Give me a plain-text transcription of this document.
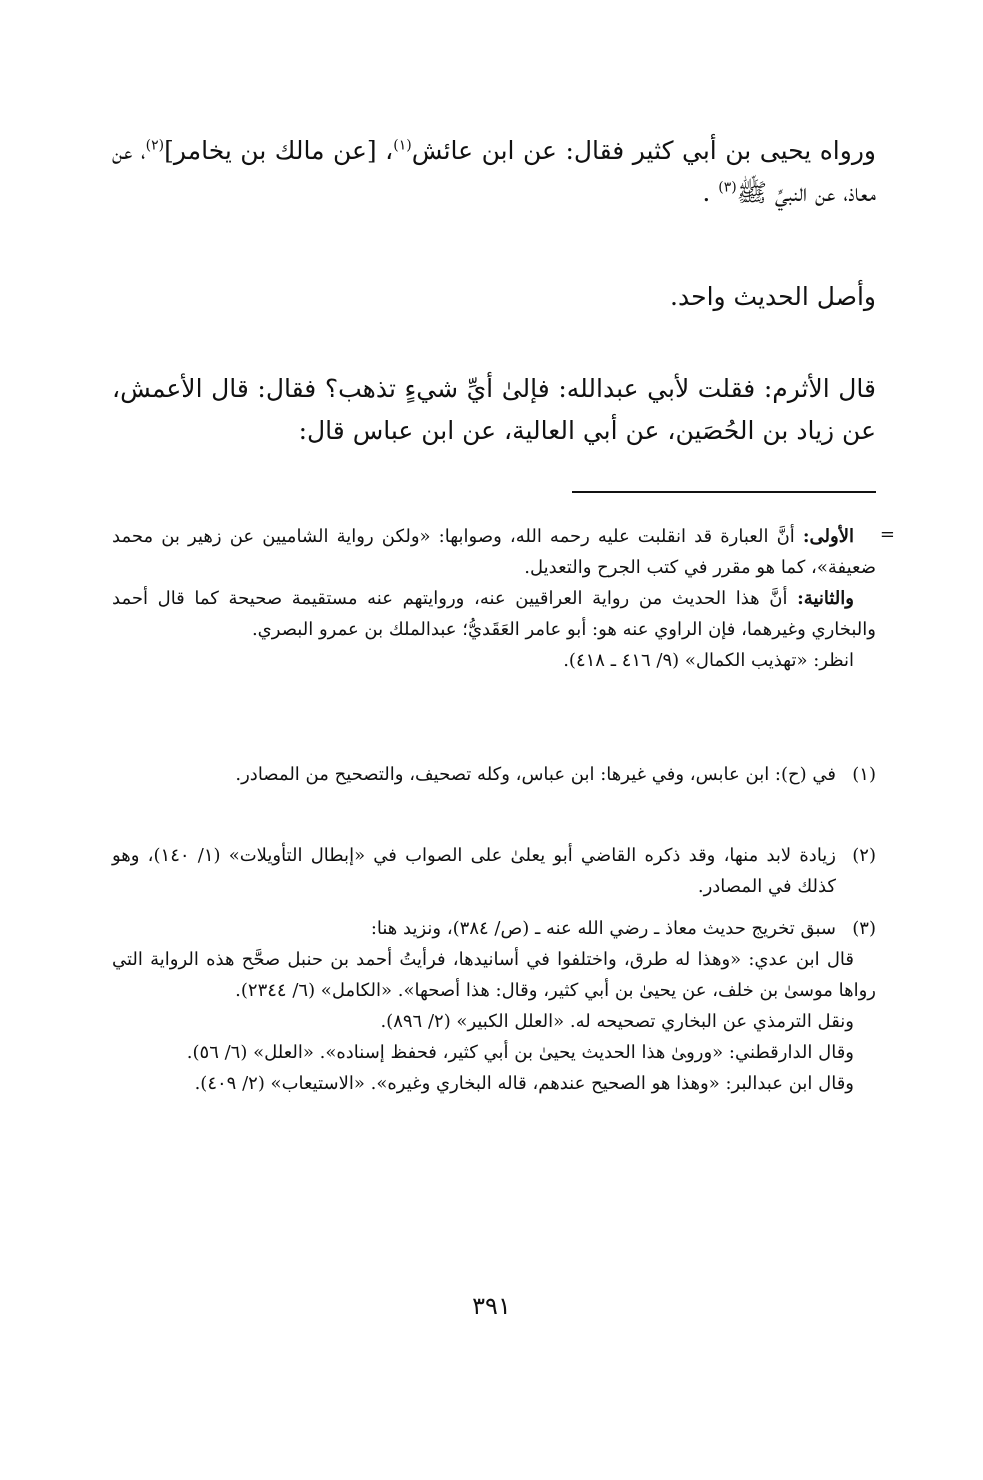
ورواه يحيى بن أبي كثير فقال: عن ابن عائش$^{(١)}$، [عن مالك بن يخامر]$^{(٢)}$، عن معاذ، عن النبيِّ ﷺ$^{(٣)}$ .

وأصل الحديث واحد.

قال الأثرم: فقلت لأبي عبدالله: فإلىٰ أيِّ شيءٍ تذهب؟ فقال: قال الأعمش، عن زياد بن الحُصَين، عن أبي العالية، عن ابن عباس قال:

=

الأولى: أنَّ العبارة قد انقلبت عليه رحمه الله، وصوابها: «ولكن رواية الشاميين عن زهير بن محمد ضعيفة»، كما هو مقرر في كتب الجرح والتعديل.

والثانية: أنَّ هذا الحديث من رواية العراقيين عنه، وروايتهم عنه مستقيمة صحيحة كما قال أحمد والبخاري وغيرهما، فإن الراوي عنه هو: أبو عامر العَقَديُّ؛ عبدالملك بن عمرو البصري.

انظر: «تهذيب الكمال» (٩/ ٤١٦ ـ ٤١٨).

(١)
في (ح): ابن عابس، وفي غيرها: ابن عباس، وكله تصحيف، والتصحيح من المصادر.
(٢)
زيادة لابد منها، وقد ذكره القاضي أبو يعلىٰ على الصواب في «إبطال التأويلات» (١/ ١٤٠)، وهو كذلك في المصادر.
(٣)
سبق تخريج حديث معاذ ـ رضي الله عنه ـ (ص/ ٣٨٤)، ونزيد هنا:

قال ابن عدي: «وهذا له طرق، واختلفوا في أسانيدها، فرأيتُ أحمد بن حنبل صحَّح هذه الرواية التي رواها موسىٰ بن خلف، عن يحيىٰ بن أبي كثير، وقال: هذا أصحها». «الكامل» (٦/ ٢٣٤٤).

ونقل الترمذي عن البخاري تصحيحه له. «العلل الكبير» (٢/ ٨٩٦).

وقال الدارقطني: «ورو‍ىٰ هذا الحديث يحيىٰ بن أبي كثير، فحفظ إسناده». «العلل» (٦/ ٥٦).

وقال ابن عبدالبر: «وهذا هو الصحيح عندهم، قاله البخاري وغيره». «الاستيعاب» (٢/ ٤٠٩).

٣٩١
